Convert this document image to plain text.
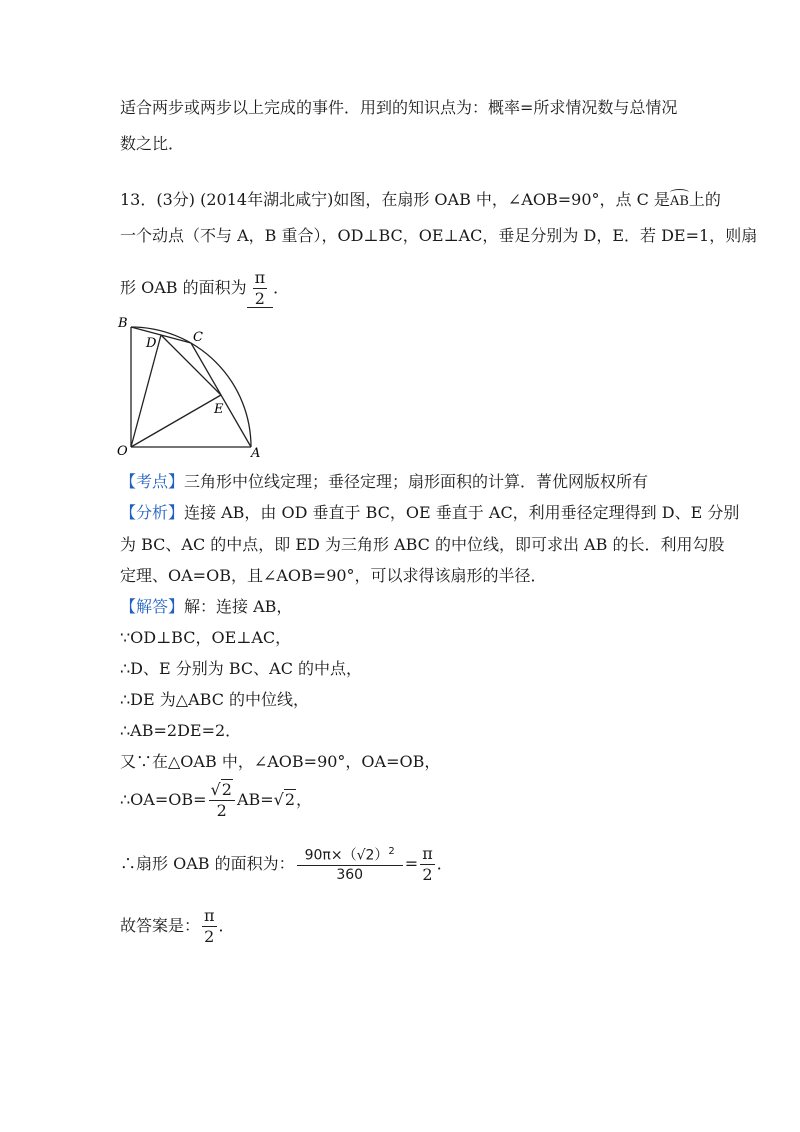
适合两步或两步以上完成的事件．用到的知识点为：概率=所求情况数与总情况
数之比．
13．(3分) (2014年湖北咸宁)如图，在扇形 OAB 中，∠AOB=90°，点 C 是AB上的
一个动点（不与 A，B 重合），OD⊥BC，OE⊥AC，垂足分别为 D，E．若 DE=1，则扇
形 OAB 的面积为 $\frac{\pi}{2}$ ．
B
C
D
E
O	A
【考点】三角形中位线定理；垂径定理；扇形面积的计算．菁优网版权所有
【分析】连接 AB，由 OD 垂直于 BC，OE 垂直于 AC，利用垂径定理得到 D、E 分别
为 BC、AC 的中点，即 ED 为三角形 ABC 的中位线，即可求出 AB 的长．利用勾股
定理、OA=OB，且∠AOB=90°，可以求得该扇形的半径．
【解答】解：连接 AB，
∵OD⊥BC，OE⊥AC，
∴D、E 分别为 BC、AC 的中点，
∴DE 为△ABC 的中位线，
∴AB=2DE=2．
又∵在△OAB 中，∠AOB=90°，OA=OB，
∴OA=OB= $\frac{√2}{2} AB=√2$，
∴扇形 OAB 的面积为： $\frac{90\pi\times(√2)^2}{360} = \frac{\pi}{2}$ ．
故答案是： $\frac{\pi}{2}$ ．
